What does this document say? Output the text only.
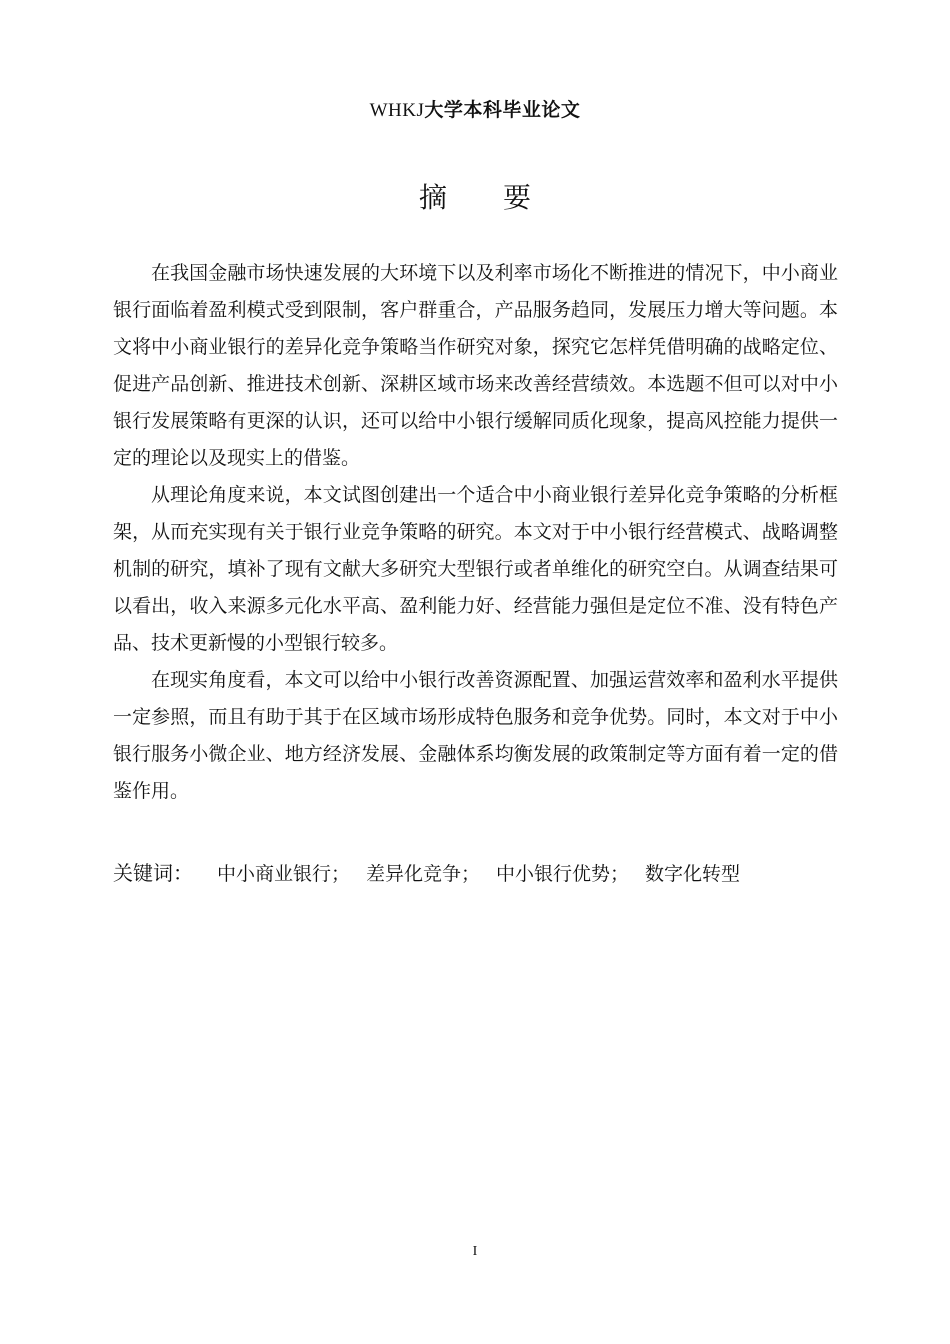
WHKJ大学本科毕业论文
摘要

在我国金融市场快速发展的大环境下以及利率市场化不断推进的情况下，中小商业银行面临着盈利模式受到限制，客户群重合，产品服务趋同，发展压力增大等问题。本文将中小商业银行的差异化竞争策略当作研究对象，探究它怎样凭借明确的战略定位、促进产品创新、推进技术创新、深耕区域市场来改善经营绩效。本选题不但可以对中小银行发展策略有更深的认识，还可以给中小银行缓解同质化现象，提高风控能力提供一定的理论以及现实上的借鉴。

从理论角度来说，本文试图创建出一个适合中小商业银行差异化竞争策略的分析框架，从而充实现有关于银行业竞争策略的研究。本文对于中小银行经营模式、战略调整机制的研究，填补了现有文献大多研究大型银行或者单维化的研究空白。从调查结果可以看出，收入来源多元化水平高、盈利能力好、经营能力强但是定位不准、没有特色产品、技术更新慢的小型银行较多。

在现实角度看，本文可以给中小银行改善资源配置、加强运营效率和盈利水平提供一定参照，而且有助于其于在区域市场形成特色服务和竞争优势。同时，本文对于中小银行服务小微企业、地方经济发展、金融体系均衡发展的政策制定等方面有着一定的借鉴作用。

关键词： 中小商业银行； 差异化竞争； 中小银行优势； 数字化转型
I
